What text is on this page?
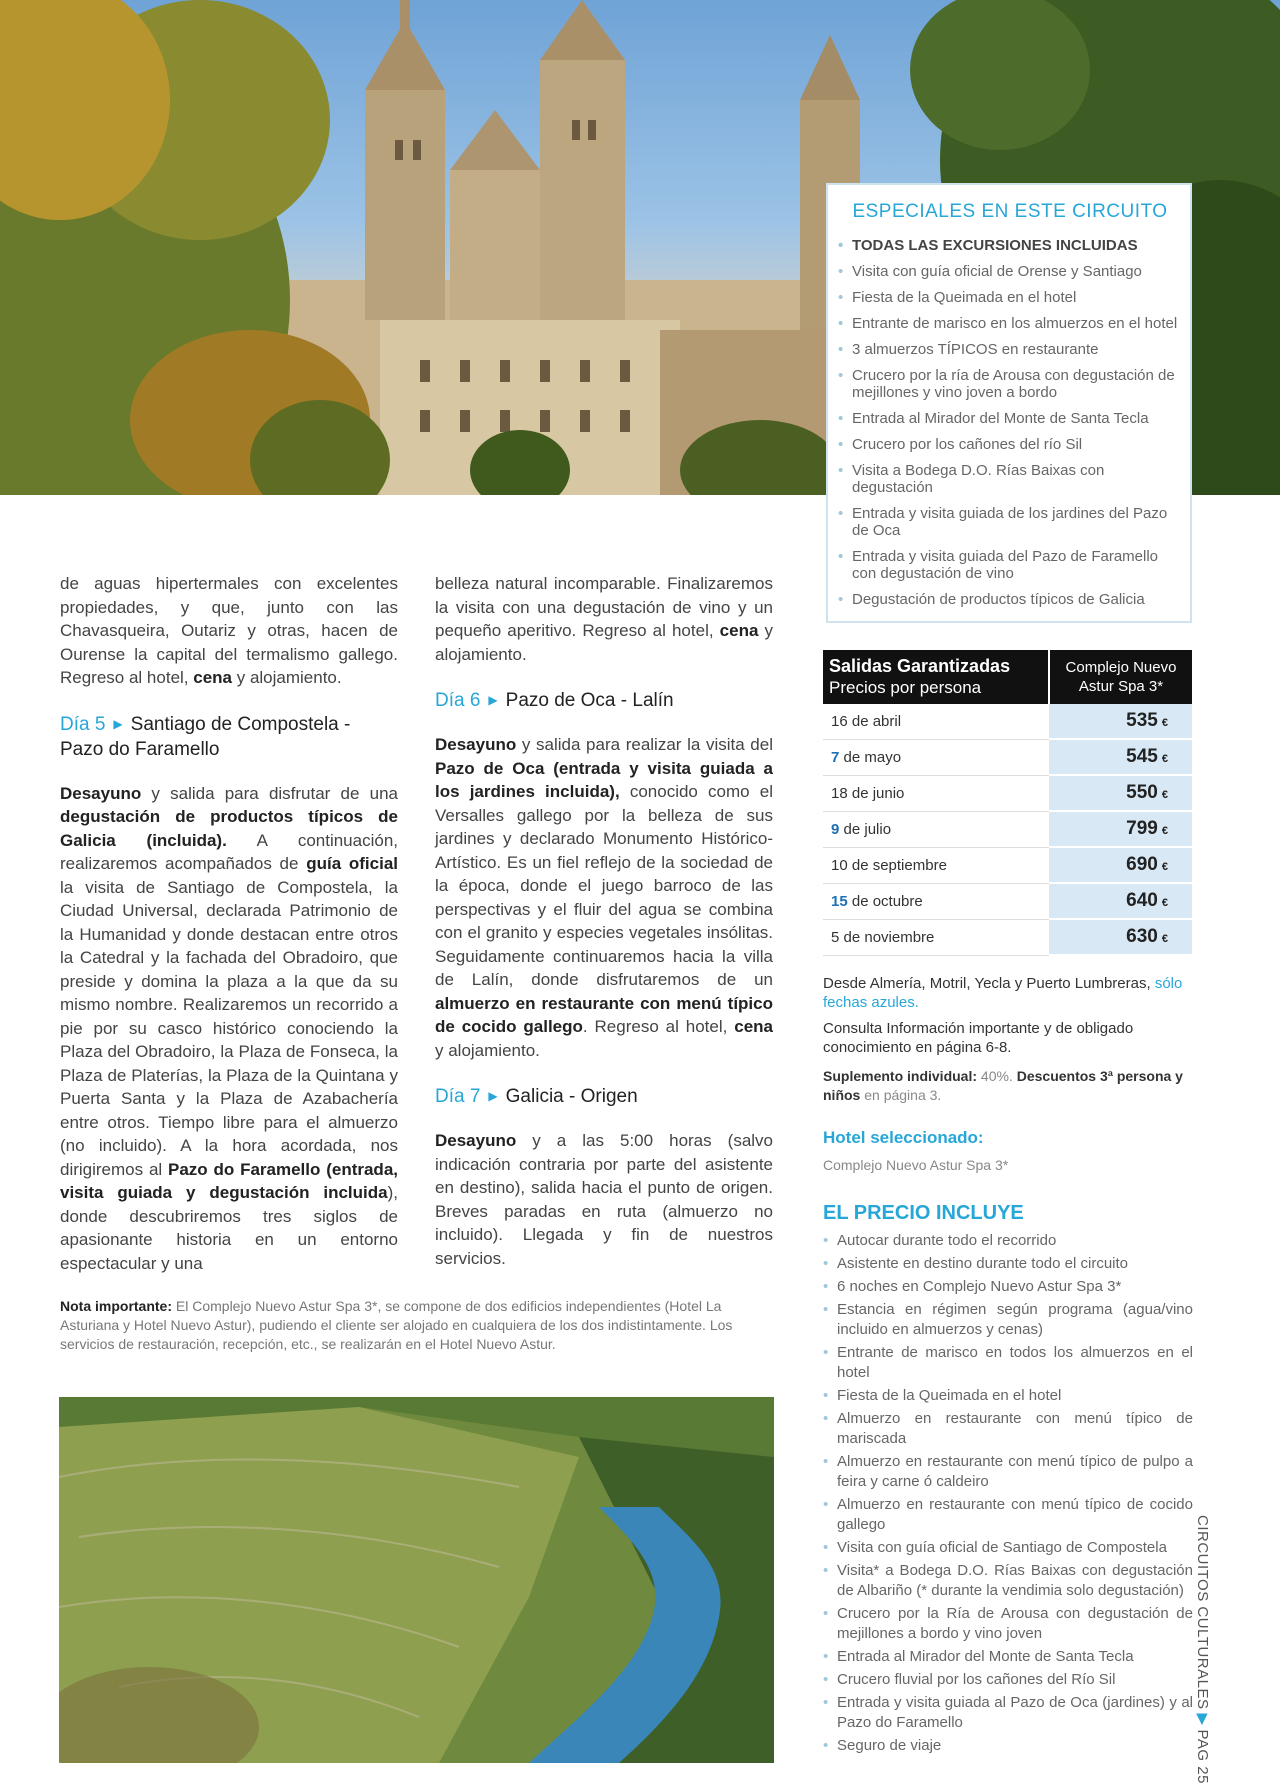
ESPECIALES EN ESTE CIRCUITO
• TODAS LAS EXCURSIONES INCLUIDAS
• Visita con guía oficial de Orense y Santiago
• Fiesta de la Queimada en el hotel
• Entrante de marisco en los almuerzos en el hotel
• 3 almuerzos TÍPICOS en restaurante
• Crucero por la ría de Arousa con degustación de mejillones y vino joven a bordo
• Entrada al Mirador del Monte de Santa Tecla
• Crucero por los cañones del río Sil
• Visita a Bodega D.O. Rías Baixas con degustación
• Entrada y visita guiada de los jardines del Pazo de Oca
• Entrada y visita guiada del Pazo de Faramello con degustación de vino
• Degustación de productos típicos de Galicia

de aguas hipertermales con excelentes propiedades, y que, junto con las Chavasqueira, Outariz y otras, hacen de Ourense la capital del termalismo gallego. Regreso al hotel, cena y alojamiento.

Día 5 ▶ Santiago de Compostela - Pazo do Faramello

Desayuno y salida para disfrutar de una degustación de productos típicos de Galicia (incluida). A continuación, realizaremos acompañados de guía oficial la visita de Santiago de Compostela, la Ciudad Universal, declarada Patrimonio de la Humanidad y donde destacan entre otros la Catedral y la fachada del Obradoiro, que preside y domina la plaza a la que da su mismo nombre. Realizaremos un recorrido a pie por su casco histórico conociendo la Plaza del Obradoiro, la Plaza de Fonseca, la Plaza de Platerías, la Plaza de la Quintana y Puerta Santa y la Plaza de Azabachería entre otros. Tiempo libre para el almuerzo (no incluido). A la hora acordada, nos dirigiremos al Pazo do Faramello (entrada, visita guiada y degustación incluida), donde descubriremos tres siglos de apasionante historia en un entorno espectacular y una

belleza natural incomparable. Finalizaremos la visita con una degustación de vino y un pequeño aperitivo. Regreso al hotel, cena y alojamiento.

Día 6 ▶ Pazo de Oca - Lalín

Desayuno y salida para realizar la visita del Pazo de Oca (entrada y visita guiada a los jardines incluida), conocido como el Versalles gallego por la belleza de sus jardines y declarado Monumento Histórico-Artístico. Es un fiel reflejo de la sociedad de la época, donde el juego barroco de las perspectivas y el fluir del agua se combina con el granito y especies vegetales insólitas. Seguidamente continuaremos hacia la villa de Lalín, donde disfrutaremos de un almuerzo en restaurante con menú típico de cocido gallego. Regreso al hotel, cena y alojamiento.

Día 7 ▶ Galicia - Origen

Desayuno y a las 5:00 horas (salvo indicación contraria por parte del asistente en destino), salida hacia el punto de origen. Breves paradas en ruta (almuerzo no incluido). Llegada y fin de nuestros servicios.

Nota importante: El Complejo Nuevo Astur Spa 3*, se compone de dos edificios independientes (Hotel La Asturiana y Hotel Nuevo Astur), pudiendo el cliente ser alojado en cualquiera de los dos indistintamente. Los servicios de restauración, recepción, etc., se realizarán en el Hotel Nuevo Astur.
Salidas Garantizadas
Precios por persona	Complejo Nuevo Astur Spa 3*
16 de abril	535 €
7 de mayo	545 €
18 de junio	550 €
9 de julio	799 €
10 de septiembre	690 €
15 de octubre	640 €
5 de noviembre	630 €
Desde Almería, Motril, Yecla y Puerto Lumbreras, sólo fechas azules.
Consulta Información importante y de obligado conocimiento en página 6-8.
Suplemento individual: 40%. Descuentos 3ª persona y niños en página 3.
Hotel seleccionado:
Complejo Nuevo Astur Spa 3*
EL PRECIO INCLUYE
• Autocar durante todo el recorrido
• Asistente en destino durante todo el circuito
• 6 noches en Complejo Nuevo Astur Spa 3*
• Estancia en régimen según programa (agua/vino incluido en almuerzos y cenas)
• Entrante de marisco en todos los almuerzos en el hotel
• Fiesta de la Queimada en el hotel
• Almuerzo en restaurante con menú típico de mariscada
• Almuerzo en restaurante con menú típico de pulpo a feira y carne ó caldeiro
• Almuerzo en restaurante con menú típico de cocido gallego
• Visita con guía oficial de Santiago de Compostela
• Visita* a Bodega D.O. Rías Baixas con degustación de Albariño (* durante la vendimia solo degustación)
• Crucero por la Ría de Arousa con degustación de mejillones a bordo y vino joven
• Entrada al Mirador del Monte de Santa Tecla
• Crucero fluvial por los cañones del Río Sil
• Entrada y visita guiada al Pazo de Oca (jardines) y al Pazo do Faramello
• Seguro de viaje
CIRCUITOS CULTURALES▶PAG 25
